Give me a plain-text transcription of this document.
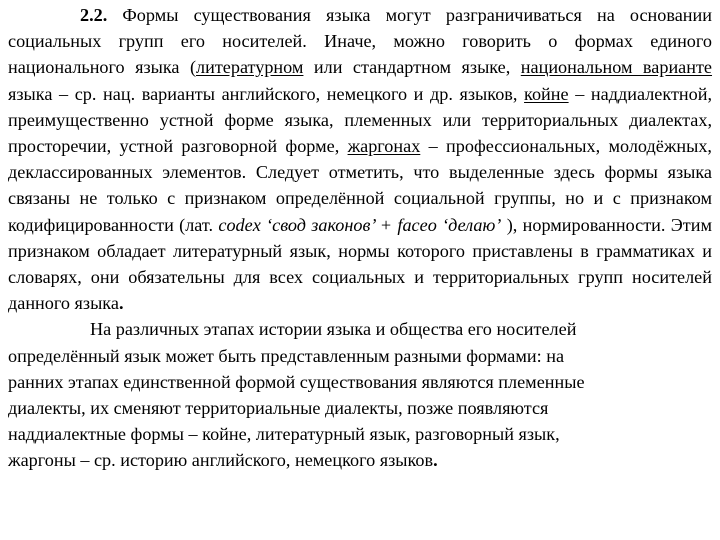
2.2. Формы существования языка могут разграничиваться на основании социальных групп его носителей. Иначе, можно говорить о формах единого национального языка (литературном или стандартном языке, национальном варианте языка – ср. нац. варианты английского, немецкого и др. языков, койне – наддиалектной, преимущественно устной форме языка, племенных или территориальных диалектах, просторечии, устной разговорной форме, жаргонах – профессиональных, молодёжных, деклассированных элементов. Следует отметить, что выделенные здесь формы языка связаны не только с признаком определённой социальной группы, но и с признаком кодифицированности (лат. codex ‘свод законов’ + facеo ‘делаю’ ), нормированности. Этим признаком обладает литературный язык, нормы которого приставлены в грамматиках и словарях, они обязательны для всех социальных и территориальных групп носителей данного языка.

На различных этапах истории языка и общества его носителей
определённый язык может быть представленным разными формами: на
ранних этапах единственной формой существования являются племенные
диалекты, их сменяют территориальные диалекты, позже появляются
наддиалектные формы – койне, литературный язык, разговорный язык,
жаргоны – ср. историю английского, немецкого языков.
